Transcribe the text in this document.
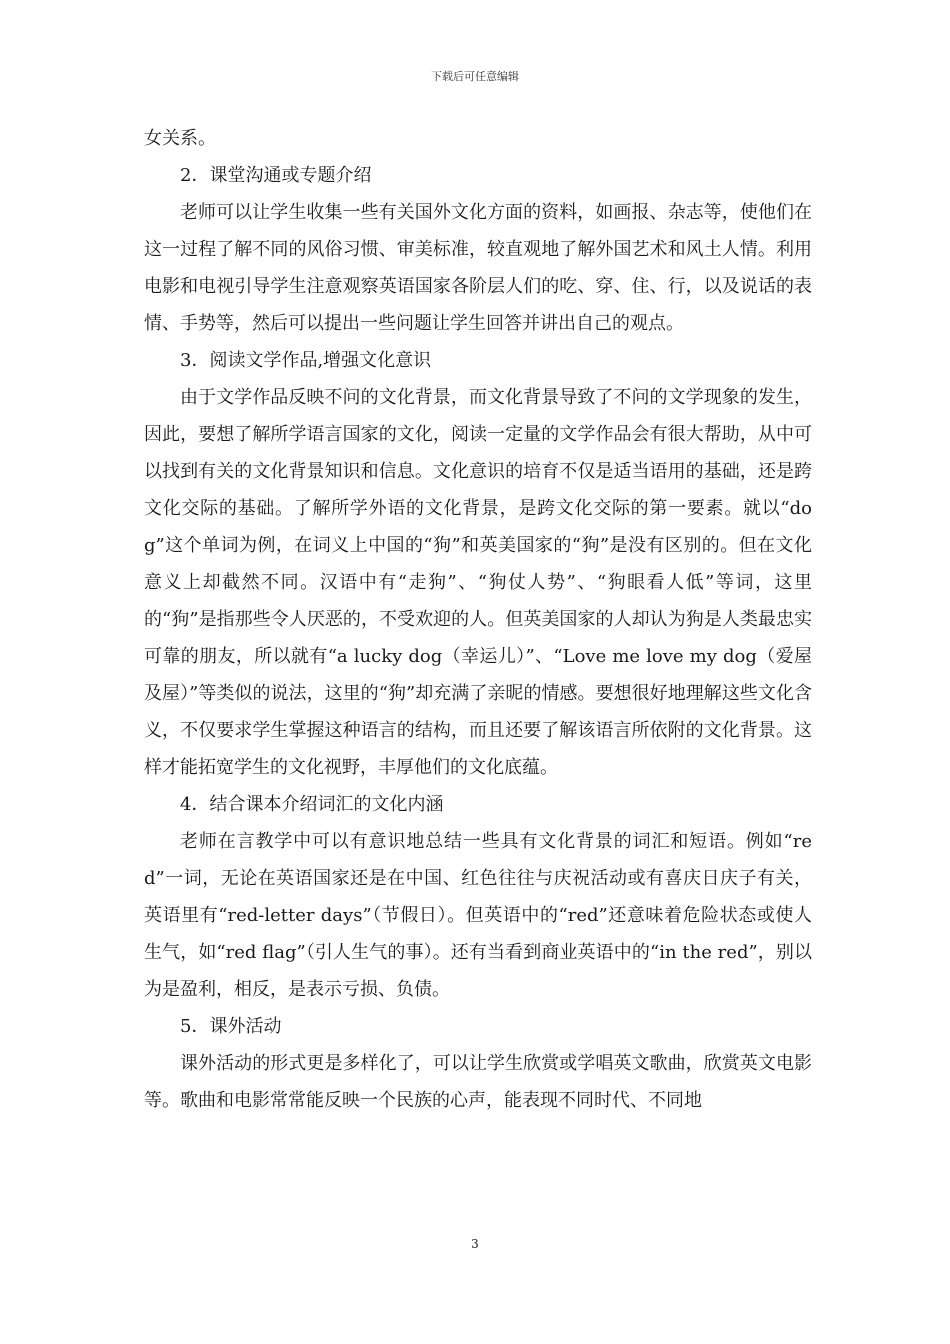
下载后可任意编辑

女关系。

2．课堂沟通或专题介绍

老师可以让学生收集一些有关国外文化方面的资料，如画报、杂志等，使他们在这一过程了解不同的风俗习惯、审美标准，较直观地了解外国艺术和风土人情。利用电影和电视引导学生注意观察英语国家各阶层人们的吃、穿、住、行，以及说话的表情、手势等，然后可以提出一些问题让学生回答并讲出自己的观点。

3．阅读文学作品,增强文化意识

由于文学作品反映不问的文化背景，而文化背景导致了不问的文学现象的发生，因此，要想了解所学语言国家的文化，阅读一定量的文学作品会有很大帮助，从中可以找到有关的文化背景知识和信息。文化意识的培育不仅是适当语用的基础，还是跨文化交际的基础。了解所学外语的文化背景，是跨文化交际的第一要素。就以“dog”这个单词为例，在词义上中国的“狗”和英美国家的“狗”是没有区别的。但在文化意义上却截然不同。汉语中有“走狗”、“狗仗人势”、“狗眼看人低”等词，这里的“狗”是指那些令人厌恶的，不受欢迎的人。但英美国家的人却认为狗是人类最忠实可靠的朋友，所以就有“a lucky dog（幸运儿）”、“Love me love my dog（爱屋及屋）”等类似的说法，这里的“狗”却充满了亲昵的情感。要想很好地理解这些文化含义，不仅要求学生掌握这种语言的结构，而且还要了解该语言所依附的文化背景。这样才能拓宽学生的文化视野，丰厚他们的文化底蕴。

4．结合课本介绍词汇的文化内涵

老师在言教学中可以有意识地总结一些具有文化背景的词汇和短语。例如“red”一词，无论在英语国家还是在中国、红色往往与庆祝活动或有喜庆日庆子有关，英语里有“red-letter days”（节假日）。但英语中的“red”还意味着危险状态或使人生气，如“red flag”（引人生气的事）。还有当看到商业英语中的“in the red”，别以为是盈利，相反，是表示亏损、负债。

5．课外活动

课外活动的形式更是多样化了，可以让学生欣赏或学唱英文歌曲，欣赏英文电影等。歌曲和电影常常能反映一个民族的心声，能表现不同时代、不同地

3
